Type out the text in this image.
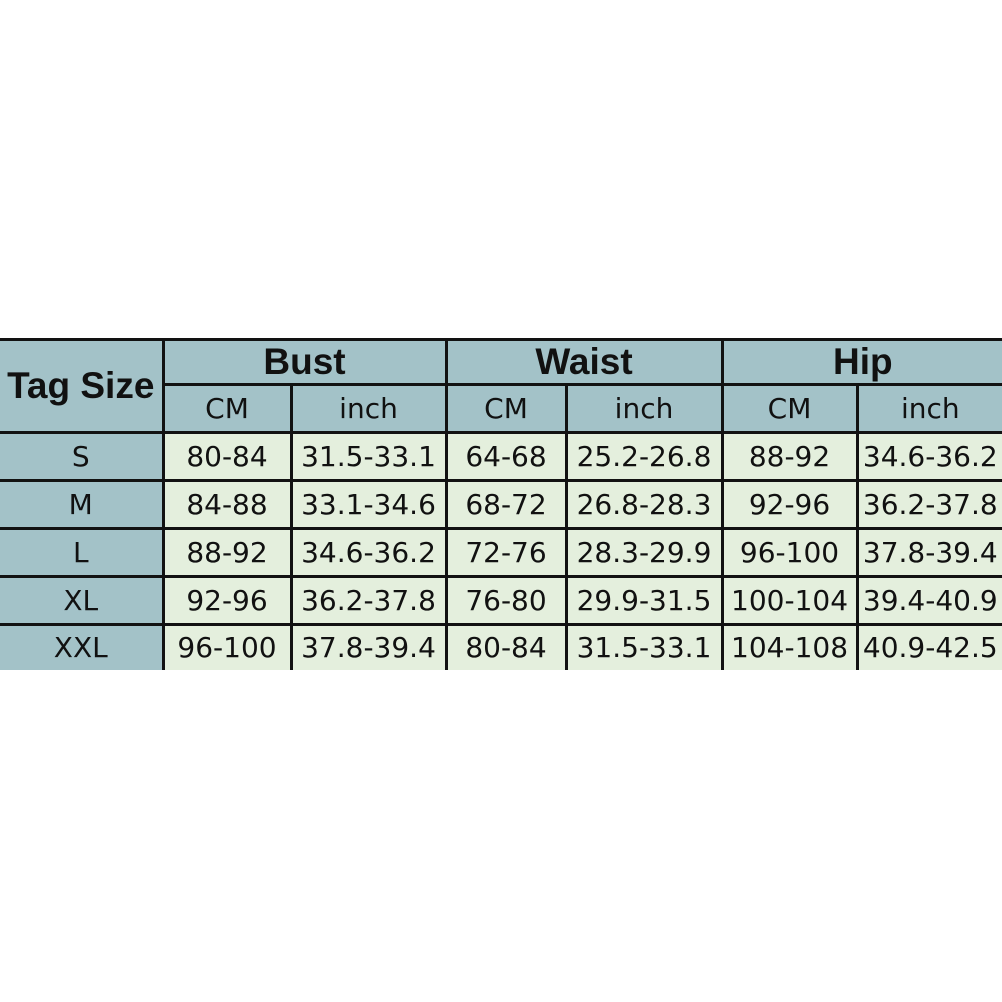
Tag Size	Bust		Waist		Hip	
	CM	inch	CM	inch	CM	inch
S	80-84	31.5-33.1	64-68	25.2-26.8	88-92	34.6-36.2
M	84-88	33.1-34.6	68-72	26.8-28.3	92-96	36.2-37.8
L	88-92	34.6-36.2	72-76	28.3-29.9	96-100	37.8-39.4
XL	92-96	36.2-37.8	76-80	29.9-31.5	100-104	39.4-40.9
XXL	96-100	37.8-39.4	80-84	31.5-33.1	104-108	40.9-42.5
